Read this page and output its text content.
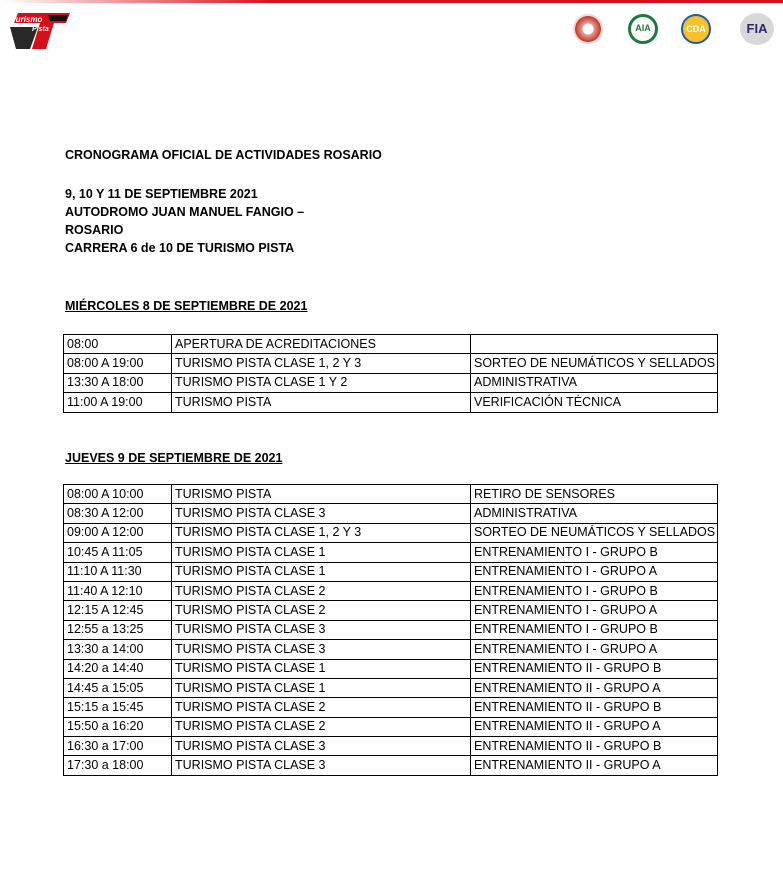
Turismo
Pista	AIA	CDA	FIA
CRONOGRAMA OFICIAL DE ACTIVIDADES ROSARIO
9, 10 Y 11 DE SEPTIEMBRE 2021
AUTODROMO JUAN MANUEL FANGIO –
ROSARIO
CARRERA 6 de 10 DE TURISMO PISTA
MIÉRCOLES 8 DE SEPTIEMBRE DE 2021
08:00	APERTURA DE ACREDITACIONES	
08:00 A 19:00	TURISMO PISTA CLASE 1, 2 Y 3	SORTEO DE NEUMÁTICOS Y SELLADOS
13:30 A 18:00	TURISMO PISTA CLASE 1 Y 2	ADMINISTRATIVA
11:00 A 19:00	TURISMO PISTA	VERIFICACIÓN TÉCNICA
JUEVES 9 DE SEPTIEMBRE DE 2021
08:00 A 10:00	TURISMO PISTA	RETIRO DE SENSORES
08:30 A 12:00	TURISMO PISTA CLASE 3	ADMINISTRATIVA
09:00 A 12:00	TURISMO PISTA CLASE 1, 2 Y 3	SORTEO DE NEUMÁTICOS Y SELLADOS
10:45 A 11:05	TURISMO PISTA CLASE 1	ENTRENAMIENTO I - GRUPO B
11:10 A 11:30	TURISMO PISTA CLASE 1	ENTRENAMIENTO I - GRUPO A
11:40 A 12:10	TURISMO PISTA CLASE 2	ENTRENAMIENTO I - GRUPO B
12:15 A 12:45	TURISMO PISTA CLASE 2	ENTRENAMIENTO I - GRUPO A
12:55 a 13:25	TURISMO PISTA CLASE 3	ENTRENAMIENTO I - GRUPO B
13:30 a 14:00	TURISMO PISTA CLASE 3	ENTRENAMIENTO I - GRUPO A
14:20 a 14:40	TURISMO PISTA CLASE 1	ENTRENAMIENTO II - GRUPO B
14:45 a 15:05	TURISMO PISTA CLASE 1	ENTRENAMIENTO II - GRUPO A
15:15 a 15:45	TURISMO PISTA CLASE 2	ENTRENAMIENTO II - GRUPO B
15:50 a 16:20	TURISMO PISTA CLASE 2	ENTRENAMIENTO II - GRUPO A
16:30 a 17:00	TURISMO PISTA CLASE 3	ENTRENAMIENTO II - GRUPO B
17:30 a 18:00	TURISMO PISTA CLASE 3	ENTRENAMIENTO II - GRUPO A
